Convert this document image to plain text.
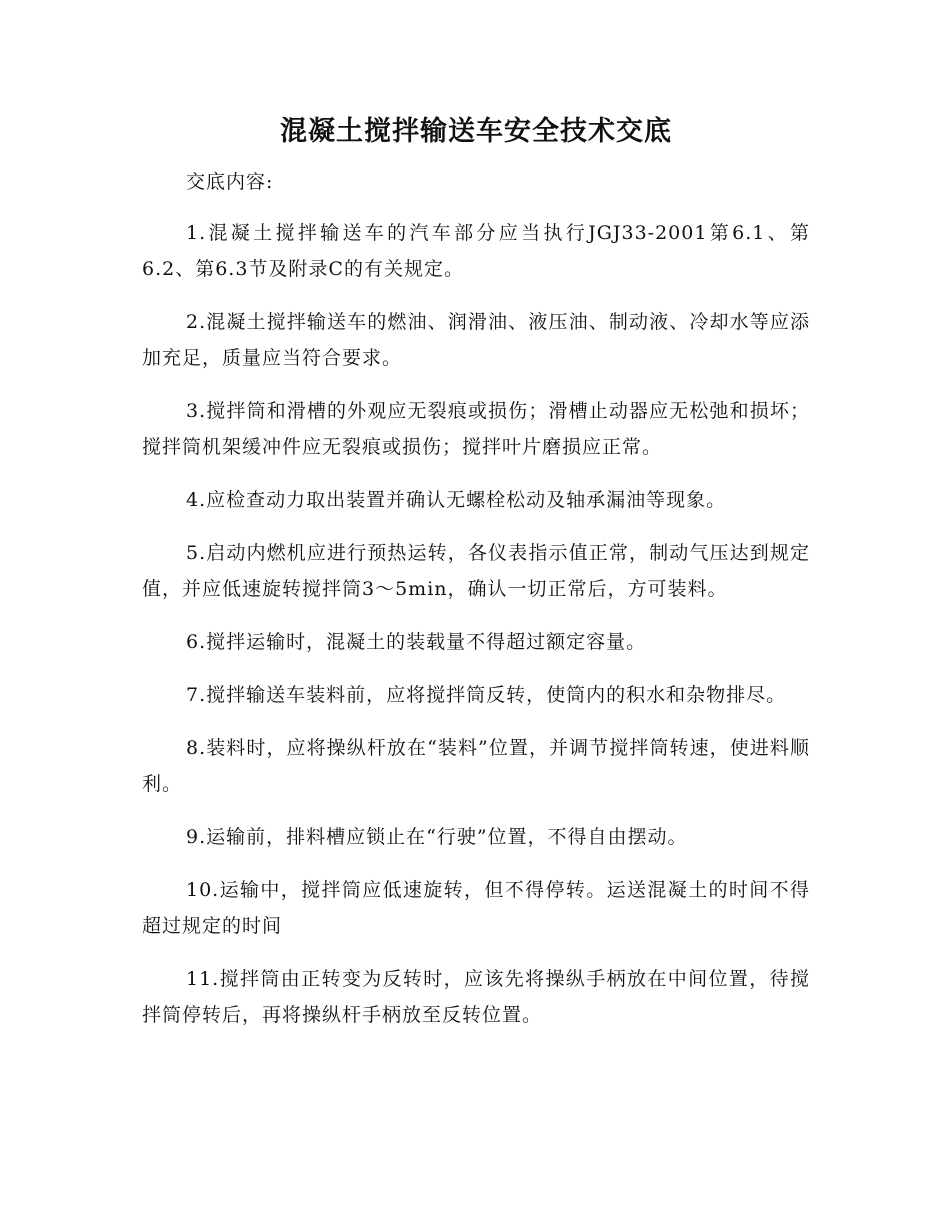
混凝土搅拌输送车安全技术交底

交底内容:

1.混凝土搅拌输送车的汽车部分应当执行JGJ33-2001第6.1、第6.2、第6.3节及附录C的有关规定。

2.混凝土搅拌输送车的燃油、润滑油、液压油、制动液、冷却水等应添加充足，质量应当符合要求。

3.搅拌筒和滑槽的外观应无裂痕或损伤；滑槽止动器应无松弛和损坏；搅拌筒机架缓冲件应无裂痕或损伤；搅拌叶片磨损应正常。

4.应检查动力取出装置并确认无螺栓松动及轴承漏油等现象。

5.启动内燃机应进行预热运转，各仪表指示值正常，制动气压达到规定值，并应低速旋转搅拌筒3～5min，确认一切正常后，方可装料。

6.搅拌运输时，混凝土的装载量不得超过额定容量。

7.搅拌输送车装料前，应将搅拌筒反转，使筒内的积水和杂物排尽。

8.装料时，应将操纵杆放在“装料”位置，并调节搅拌筒转速，使进料顺利。

9.运输前，排料槽应锁止在“行驶”位置，不得自由摆动。

10.运输中，搅拌筒应低速旋转，但不得停转。运送混凝土的时间不得超过规定的时间

11.搅拌筒由正转变为反转时，应该先将操纵手柄放在中间位置，待搅拌筒停转后，再将操纵杆手柄放至反转位置。
